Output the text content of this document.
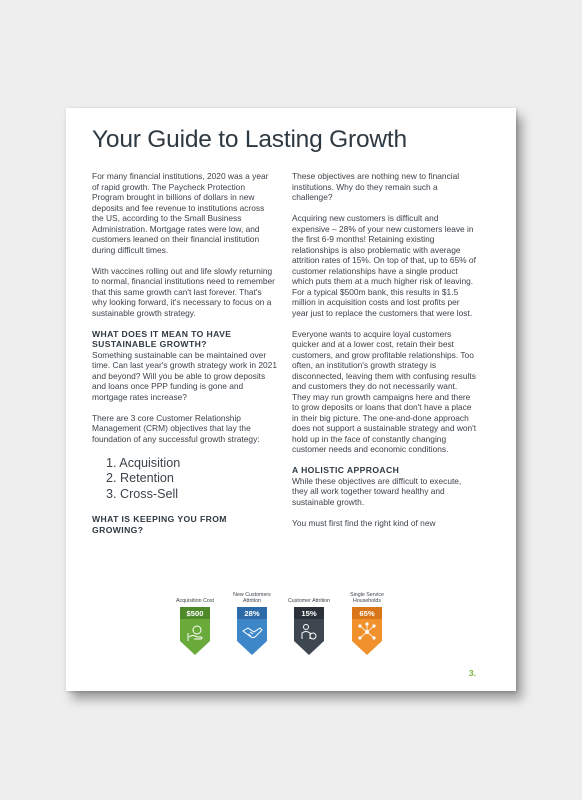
Your Guide to Lasting Growth

For many financial institutions, 2020 was a year of rapid growth. The Paycheck Protection Program brought in billions of dollars in new deposits and fee revenue to institutions across the US, according to the Small Business Administration. Mortgage rates were low, and customers leaned on their financial institution during difficult times.

With vaccines rolling out and life slowly returning to normal, financial institutions need to remember that this same growth can't last forever. That's why looking forward, it's necessary to focus on a sustainable growth strategy.

WHAT DOES IT MEAN TO HAVE SUSTAINABLE GROWTH?

Something sustainable can be maintained over time. Can last year's growth strategy work in 2021 and beyond? Will you be able to grow deposits and loans once PPP funding is gone and mortgage rates increase?

There are 3 core Customer Relationship Management (CRM) objectives that lay the foundation of any successful growth strategy:

1. Acquisition
2. Retention
3. Cross-Sell
WHAT IS KEEPING YOU FROM GROWING?

These objectives are nothing new to financial institutions. Why do they remain such a challenge?

Acquiring new customers is difficult and expensive – 28% of your new customers leave in the first 6-9 months! Retaining existing relationships is also problematic with average attrition rates of 15%. On top of that, up to 65% of customer relationships have a single product which puts them at a much higher risk of leaving. For a typical $500m bank, this results in $1.5 million in acquisition costs and lost profits per year just to replace the customers that were lost.

Everyone wants to acquire loyal customers quicker and at a lower cost, retain their best customers, and grow profitable relationships. Too often, an institution's growth strategy is disconnected, leaving them with confusing results and customers they do not necessarily want. They may run growth campaigns here and there to grow deposits or loans that don't have a place in their big picture. The one-and-done approach does not support a sustainable strategy and won't hold up in the face of constantly changing customer needs and economic conditions.

A HOLISTIC APPROACH

While these objectives are difficult to execute, they all work together toward healthy and sustainable growth.

You must first find the right kind of new

Acquisition Cost
$500
New Customers Attrition
28%
Customer Attrition
15%
Single Service Households
65%
3.
